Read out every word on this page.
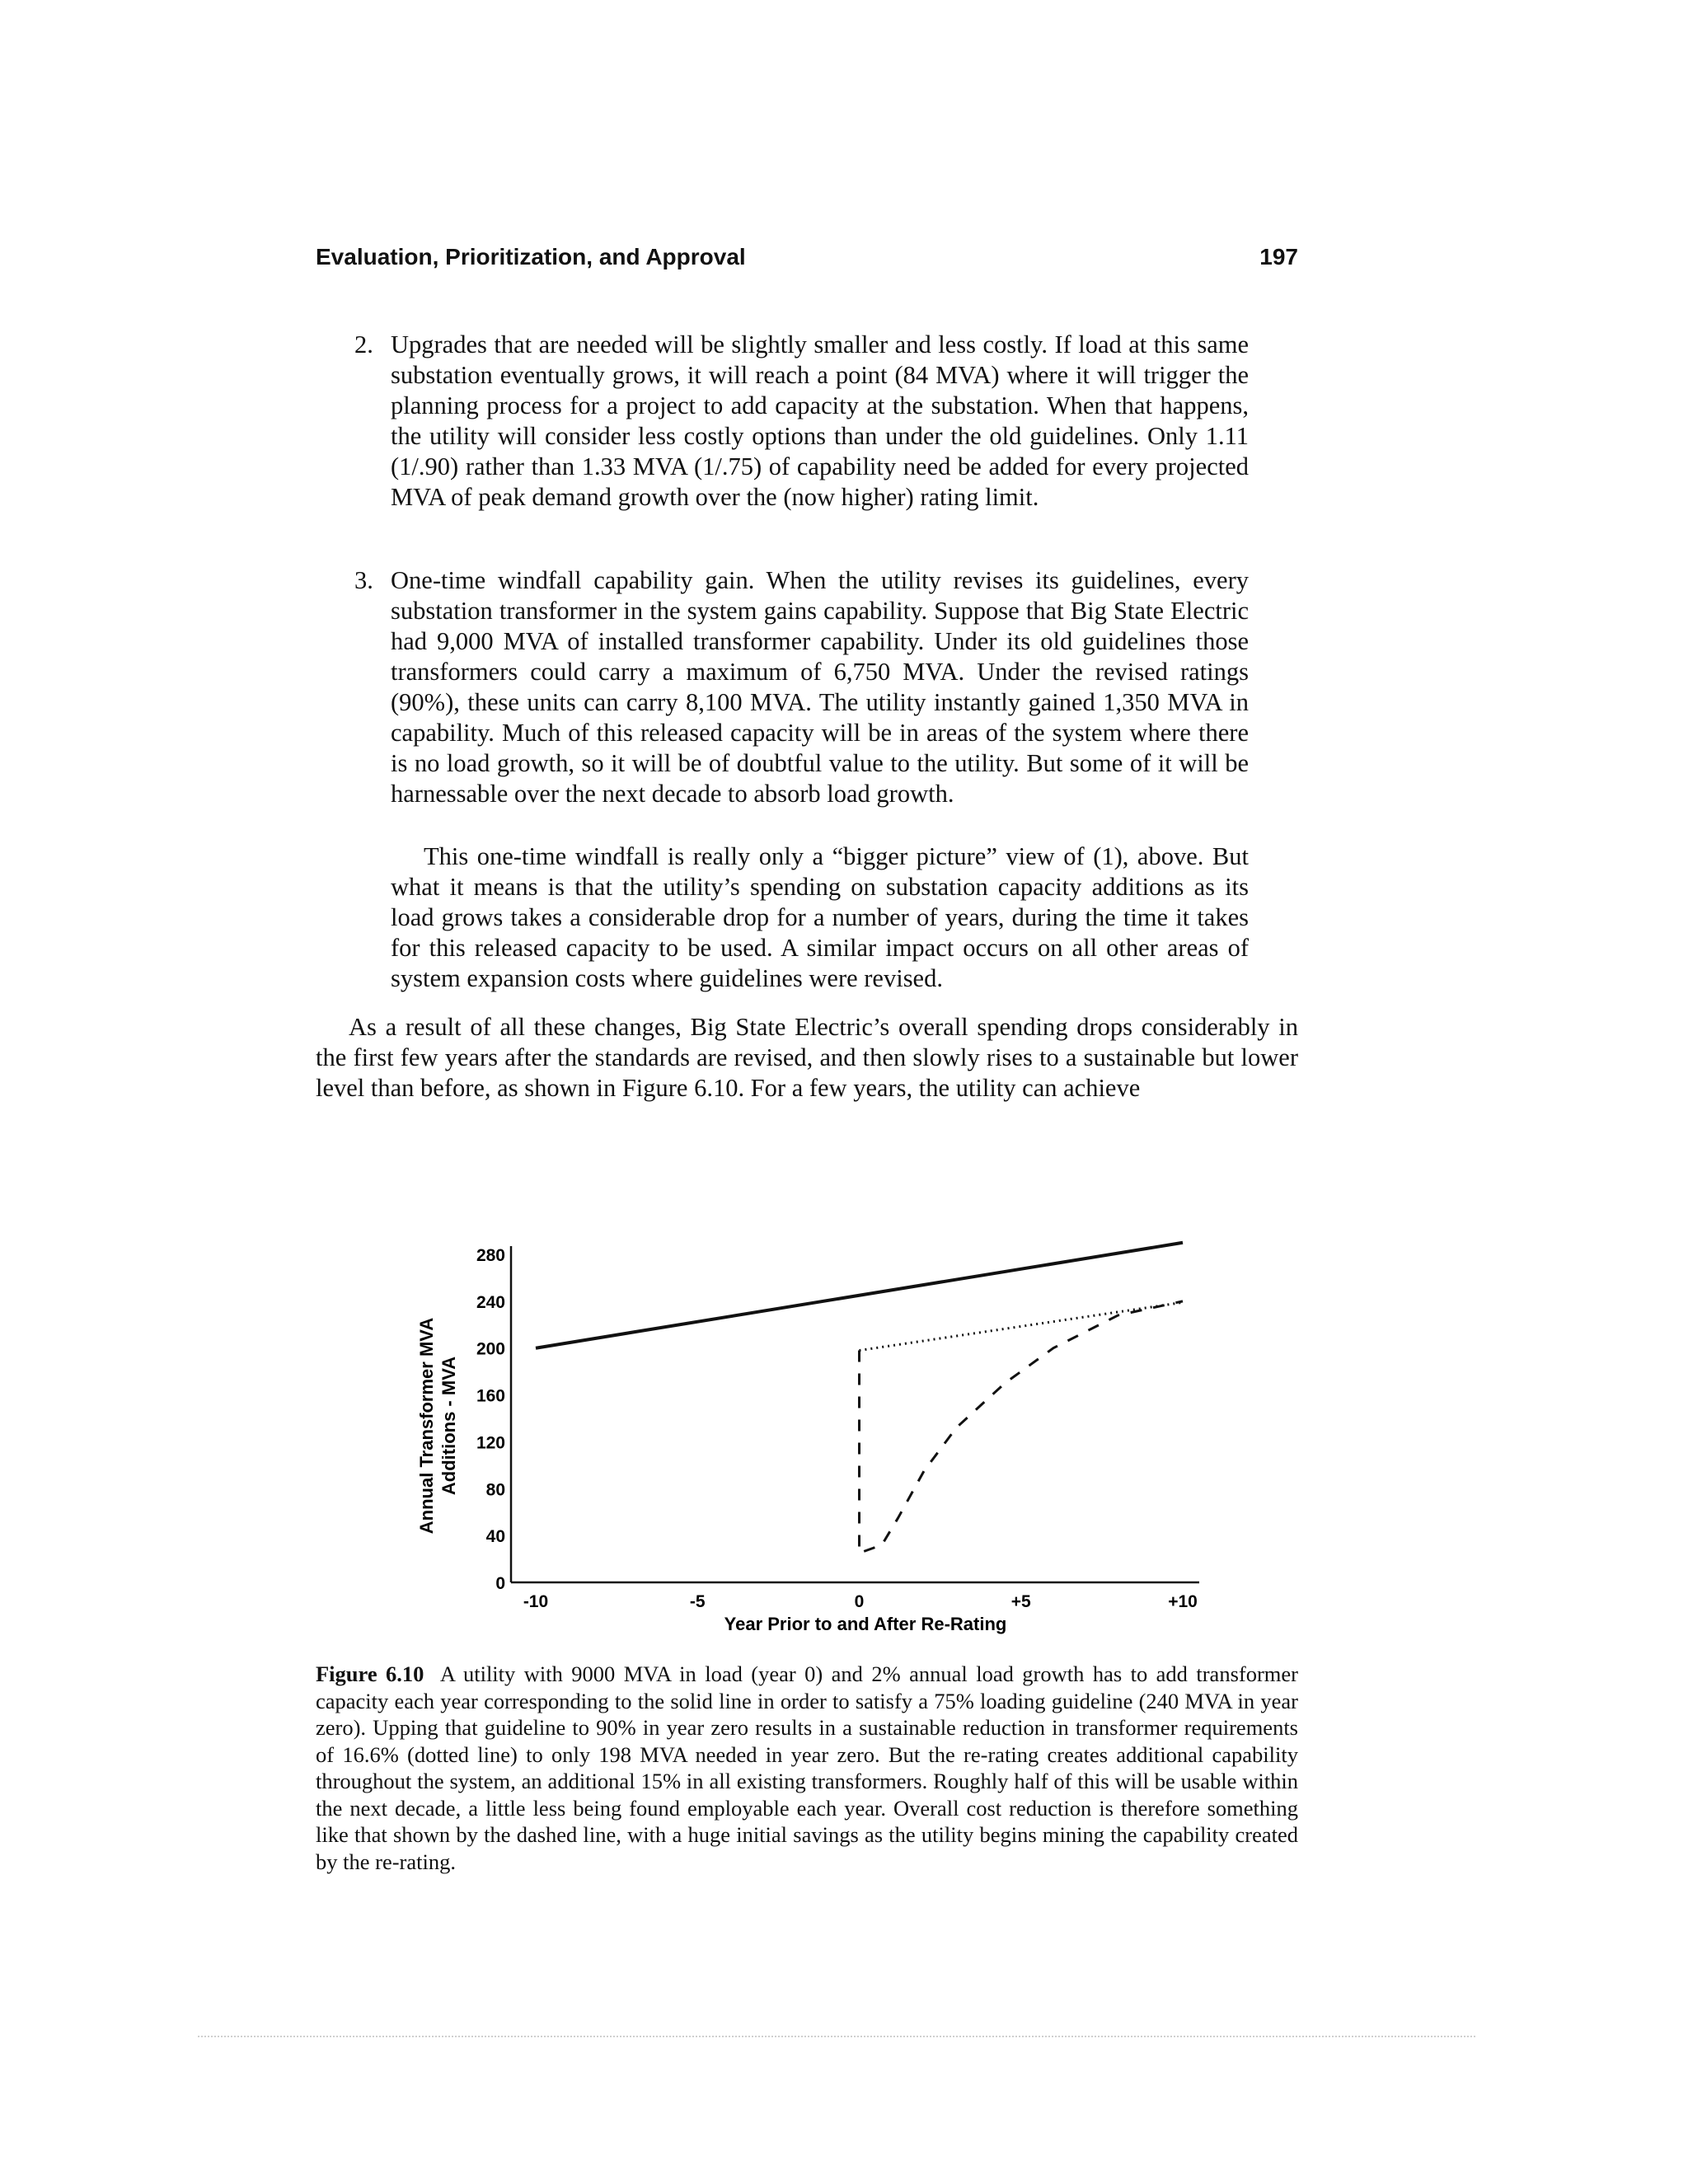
Evaluation, Prioritization, and Approval	197
2. Upgrades that are needed will be slightly smaller and less costly. If load at this same substation eventually grows, it will reach a point (84 MVA) where it will trigger the planning process for a project to add capacity at the substation. When that happens, the utility will consider less costly options than under the old guidelines. Only 1.11 (1/.90) rather than 1.33 MVA (1/.75) of capability need be added for every projected MVA of peak demand growth over the (now higher) rating limit.

3. One-time windfall capability gain. When the utility revises its guidelines, every substation transformer in the system gains capability. Suppose that Big State Electric had 9,000 MVA of installed transformer capability. Under its old guidelines those transformers could carry a maximum of 6,750 MVA. Under the revised ratings (90%), these units can carry 8,100 MVA. The utility instantly gained 1,350 MVA in capability. Much of this released capacity will be in areas of the system where there is no load growth, so it will be of doubtful value to the utility. But some of it will be harnessable over the next decade to absorb load growth.

This one-time windfall is really only a “bigger picture” view of (1), above. But what it means is that the utility’s spending on substation capacity additions as its load grows takes a considerable drop for a number of years, during the time it takes for this released capacity to be used. A similar impact occurs on all other areas of system expansion costs where guidelines were revised.

As a result of all these changes, Big State Electric’s overall spending drops considerably in the first few years after the standards are revised, and then slowly rises to a sustainable but lower level than before, as shown in Figure 6.10. For a few years, the utility can achieve

Annual Transformer MVA Additions - MVA
280
240
200
160
120
80
40
0
-10	-5	0	+5	+10
Year Prior to and After Re-Rating

Figure 6.10 A utility with 9000 MVA in load (year 0) and 2% annual load growth has to add transformer capacity each year corresponding to the solid line in order to satisfy a 75% loading guideline (240 MVA in year zero). Upping that guideline to 90% in year zero results in a sustainable reduction in transformer requirements of 16.6% (dotted line) to only 198 MVA needed in year zero. But the re-rating creates additional capability throughout the system, an additional 15% in all existing transformers. Roughly half of this will be usable within the next decade, a little less being found employable each year. Overall cost reduction is therefore something like that shown by the dashed line, with a huge initial savings as the utility begins mining the capability created by the re-rating.
